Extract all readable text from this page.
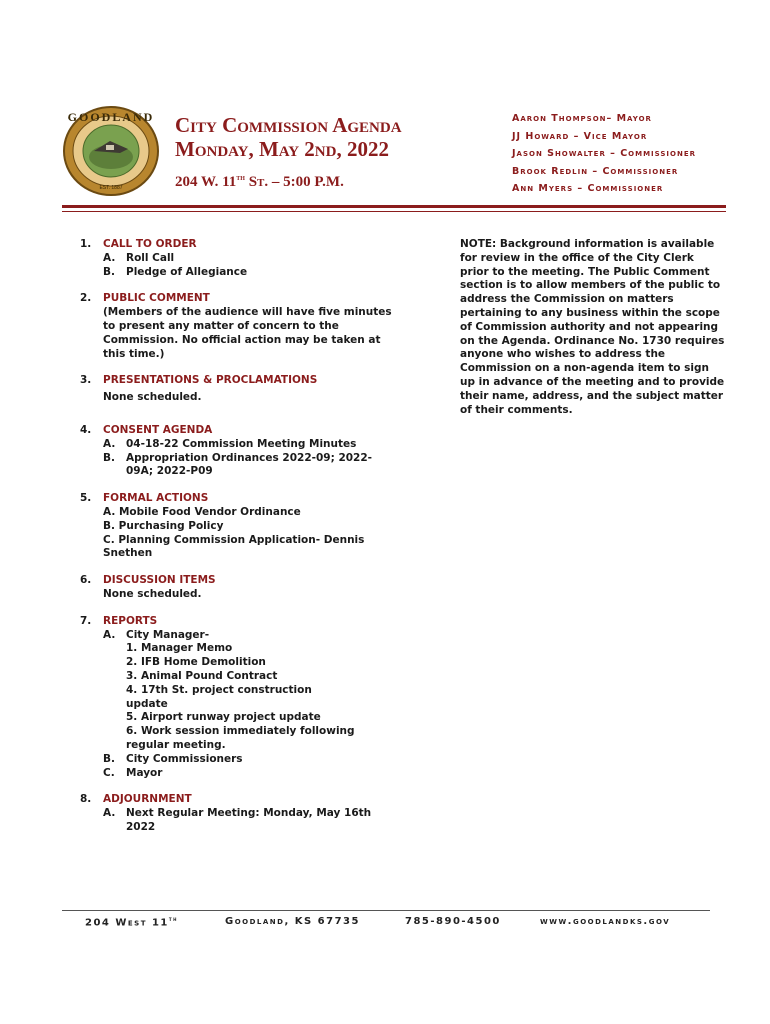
GOODLAND
EST. 1887
City Commission Agenda
Monday, May 2nd, 2022
204 W. 11th St. – 5:00 P.M.
Aaron Thompson– Mayor
JJ Howard – Vice Mayor
Jason Showalter – Commissioner
Brook Redlin – Commissioner
Ann Myers – Commissioner
1. CALL TO ORDER
A. Roll Call
B. Pledge of Allegiance
2. PUBLIC COMMENT
(Members of the audience will have five minutes
to present any matter of concern to the
Commission. No official action may be taken at
this time.)
3. PRESENTATIONS & PROCLAMATIONS
None scheduled.
4. CONSENT AGENDA
A. 04-18-22 Commission Meeting Minutes
B. Appropriation Ordinances 2022-09; 2022-09A; 2022-P09
5. FORMAL ACTIONS
A. Mobile Food Vendor Ordinance
B. Purchasing Policy
C. Planning Commission Application- Dennis
Snethen
6. DISCUSSION ITEMS
None scheduled.
7. REPORTS
A. City Manager-
1. Manager Memo
2. IFB Home Demolition
3. Animal Pound Contract
4. 17th St. project construction update
5. Airport runway project update
6. Work session immediately following regular meeting.
B. City Commissioners
C. Mayor
8. ADJOURNMENT
A. Next Regular Meeting: Monday, May 16th 2022
NOTE: Background information is available for review in the office of the City Clerk prior to the meeting. The Public Comment section is to allow members of the public to address the Commission on matters pertaining to any business within the scope of Commission authority and not appearing on the Agenda. Ordinance No. 1730 requires anyone who wishes to address the Commission on a non-agenda item to sign up in advance of the meeting and to provide their name, address, and the subject matter of their comments.
204 West 11th	Goodland, KS 67735	785-890-4500	www.goodlandks.gov
